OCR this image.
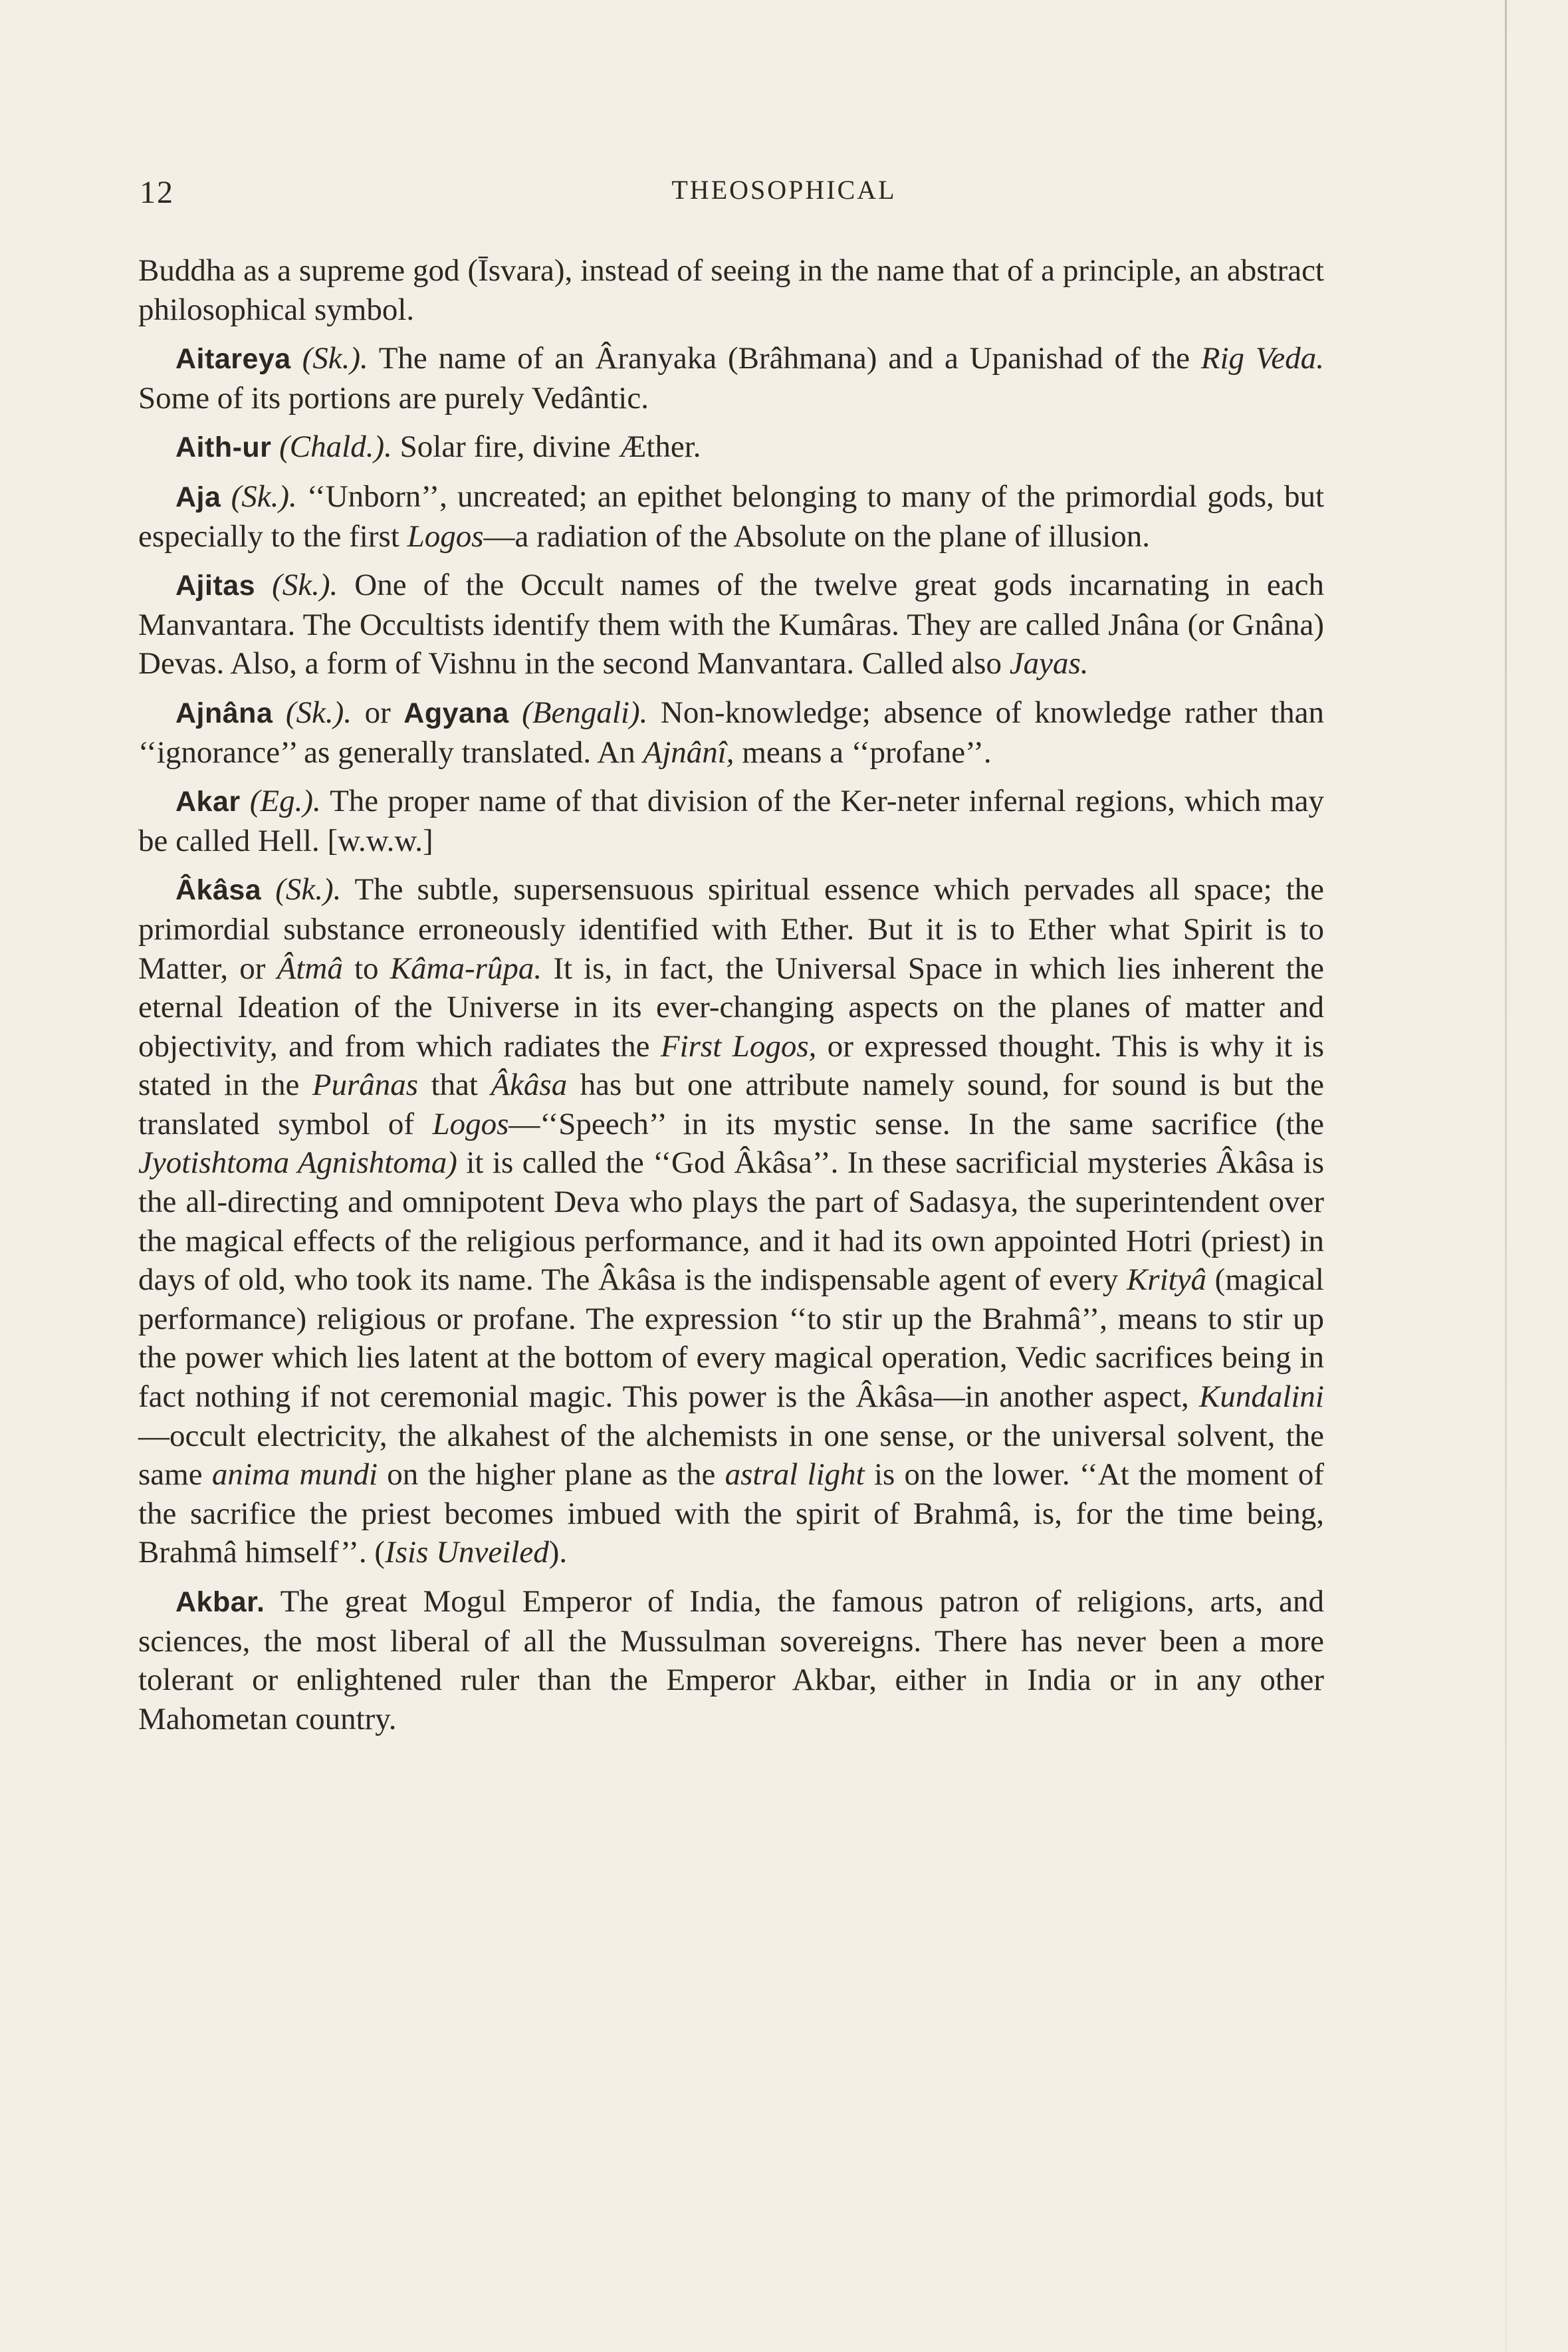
12	THEOSOPHICAL

Buddha as a supreme god (Īsvara), instead of seeing in the name that of a principle, an abstract philosophical symbol.

Aitareya (Sk.). The name of an Âranyaka (Brâhmana) and a Upanishad of the Rig Veda. Some of its portions are purely Vedântic.

Aith-ur (Chald.). Solar fire, divine Æther.

Aja (Sk.). ‘‘Unborn’’, uncreated; an epithet belonging to many of the primordial gods, but especially to the first Logos—a radiation of the Absolute on the plane of illusion.

Ajitas (Sk.). One of the Occult names of the twelve great gods incarnating in each Manvantara. The Occultists identify them with the Kumâras. They are called Jnâna (or Gnâna) Devas. Also, a form of Vishnu in the second Manvantara. Called also Jayas.

Ajnâna (Sk.). or Agyana (Bengali). Non-knowledge; absence of knowledge rather than ‘‘ignorance’’ as generally translated. An Ajnânî, means a ‘‘profane’’.

Akar (Eg.). The proper name of that division of the Ker-neter infernal regions, which may be called Hell. [w.w.w.]

Âkâsa (Sk.). The subtle, supersensuous spiritual essence which pervades all space; the primordial substance erroneously identified with Ether. But it is to Ether what Spirit is to Matter, or Âtmâ to Kâma-rûpa. It is, in fact, the Universal Space in which lies inherent the eternal Ideation of the Universe in its ever-changing aspects on the planes of matter and objectivity, and from which radiates the First Logos, or expressed thought. This is why it is stated in the Purânas that Âkâsa has but one attribute namely sound, for sound is but the translated symbol of Logos—‘‘Speech’’ in its mystic sense. In the same sacrifice (the Jyotishtoma Agnishtoma) it is called the ‘‘God Âkâsa’’. In these sacrificial mysteries Âkâsa is the all-directing and omnipotent Deva who plays the part of Sadasya, the superintendent over the magical effects of the religious performance, and it had its own appointed Hotri (priest) in days of old, who took its name. The Âkâsa is the indispensable agent of every Krityâ (magical performance) religious or profane. The expression ‘‘to stir up the Brahmâ’’, means to stir up the power which lies latent at the bottom of every magical operation, Vedic sacrifices being in fact nothing if not ceremonial magic. This power is the Âkâsa—in another aspect, Kundalini—occult electricity, the alkahest of the alchemists in one sense, or the universal solvent, the same anima mundi on the higher plane as the astral light is on the lower. ‘‘At the moment of the sacrifice the priest becomes imbued with the spirit of Brahmâ, is, for the time being, Brahmâ himself’’. (Isis Unveiled).

Akbar. The great Mogul Emperor of India, the famous patron of religions, arts, and sciences, the most liberal of all the Mussulman sovereigns. There has never been a more tolerant or enlightened ruler than the Emperor Akbar, either in India or in any other Mahometan country.
